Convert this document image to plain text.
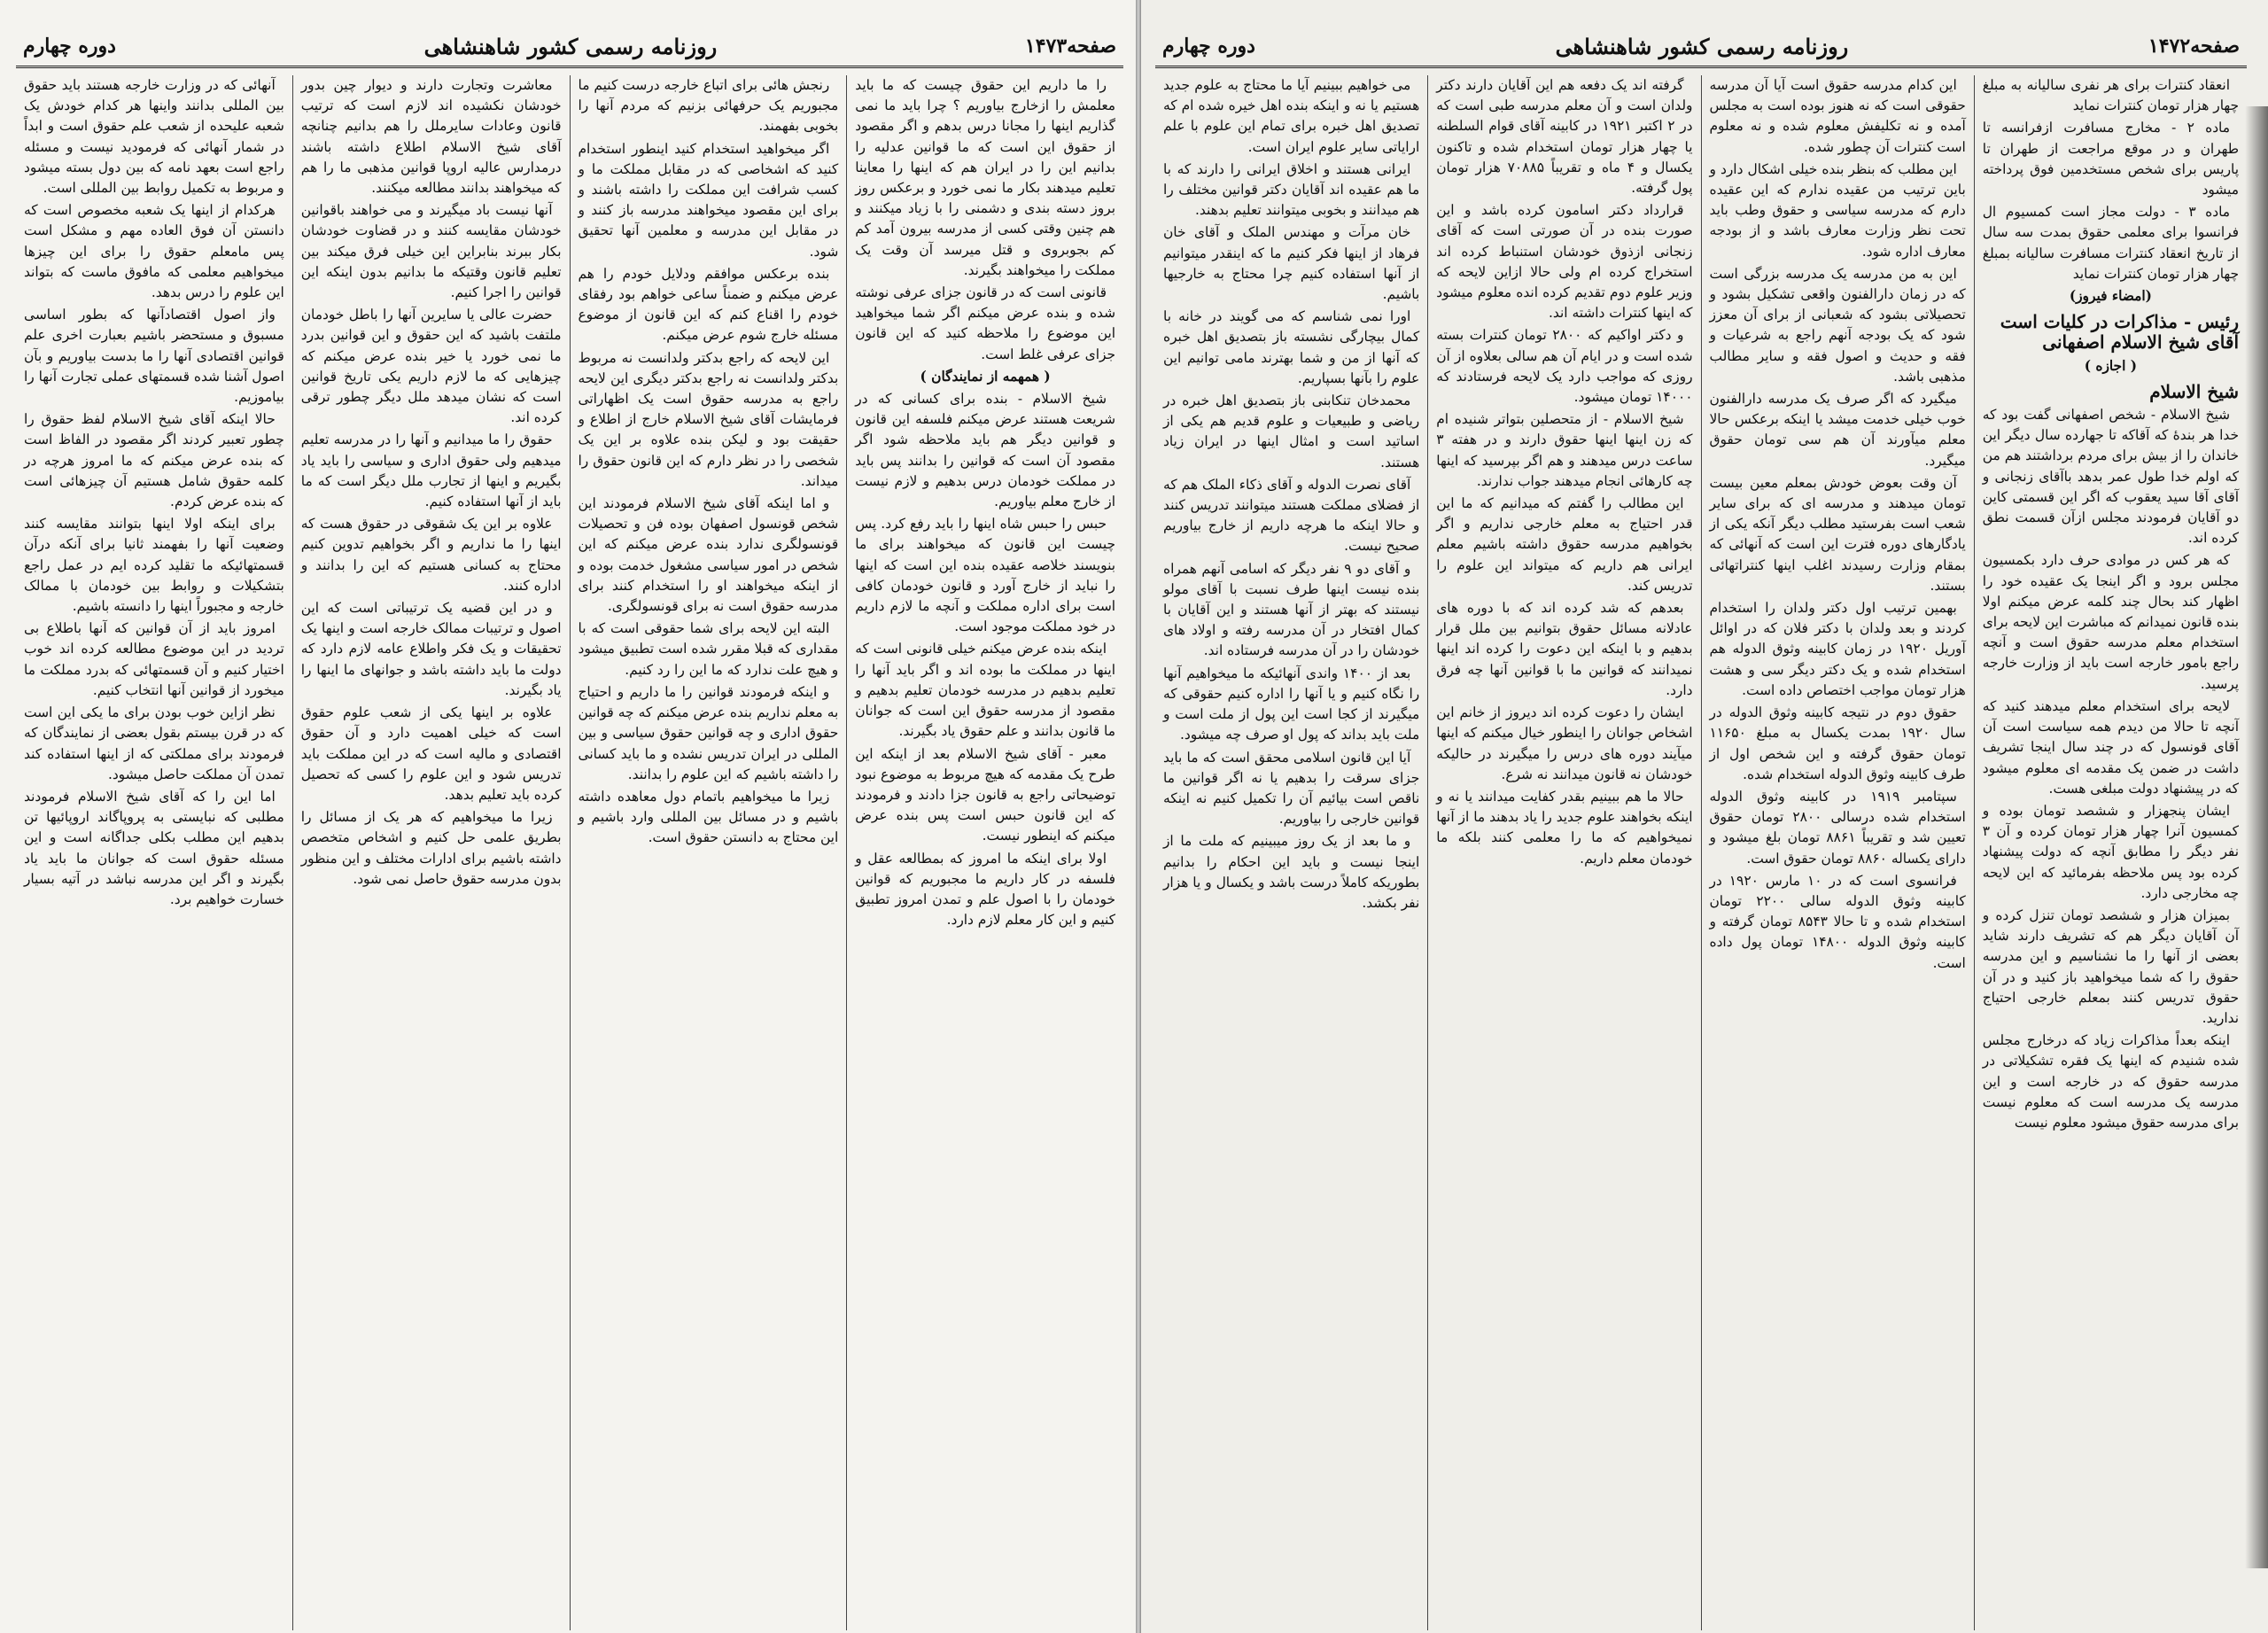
صفحه۱۴۷۳
روزنامه رسمی کشور شاهنشاهی
دوره چهارم

را ما داریم این حقوق چیست که ما باید معلمش را ازخارج بیاوریم ؟ چرا باید ما نمی گذاریم اینها را مجانا درس بدهم و اگر مقصود از حقوق این است که ما قوانین عدلیه را بدانیم این را در ایران هم که اینها را معاینا تعلیم میدهند بکار ما نمی خورد و برعکس روز بروز دسته بندی و دشمنی را با زیاد میکنند و هم چنین وقتی کسی از مدرسه بیرون آمد کم کم بجوبروی و قتل میرسد آن وقت یک مملکت را میخواهند بگیرند.

قانونی است که در قانون جزای عرفی نوشته شده و بنده عرض میکنم اگر شما میخواهید این موضوع را ملاحظه کنید که این قانون جزای عرفی غلط است.

( همهمه از نمایندگان )

شیخ الاسلام - بنده برای کسانی که در شریعت هستند عرض میکنم فلسفه این قانون و قوانین دیگر هم باید ملاحظه شود اگر مقصود آن است که قوانین را بدانند پس باید در مملکت خودمان درس بدهیم و لازم نیست از خارج معلم بیاوریم.

حبس را حبس شاه اینها را باید رفع کرد. پس چیست این قانون که میخواهند برای ما بنویسند خلاصه عقیده بنده این است که اینها را نباید از خارج آورد و قانون خودمان کافی است برای اداره مملکت و آنچه ما لازم داریم در خود مملکت موجود است.

اینکه بنده عرض میکنم خیلی قانونی است که اینها در مملکت ما بوده اند و اگر باید آنها را تعلیم بدهیم در مدرسه خودمان تعلیم بدهیم و مقصود از مدرسه حقوق این است که جوانان ما قانون بدانند و علم حقوق یاد بگیرند.

معبر - آقای شیخ الاسلام بعد از اینکه این طرح یک مقدمه که هیچ مربوط به موضوع نبود توضیحاتی راجع به قانون جزا دادند و فرمودند که این قانون حبس است پس بنده عرض میکنم که اینطور نیست.

اولا برای اینکه ما امروز که بمطالعه عقل و فلسفه در کار داریم ما مجبوریم که قوانین خودمان را با اصول علم و تمدن امروز تطبیق کنیم و این کار معلم لازم دارد.

رنجش هائی برای اتباع خارجه درست کنیم ما مجبوریم یک حرفهائی بزنیم که مردم آنها را بخوبی بفهمند.

اگر میخواهید استخدام کنید اینطور استخدام کنید که اشخاصی که در مقابل مملکت ما و کسب شرافت این مملکت را داشته باشند و برای این مقصود میخواهند مدرسه باز کنند و در مقابل این مدرسه و معلمین آنها تحقیق شود.

بنده برعکس موافقم ودلایل خودم را هم عرض میکنم و ضمناً ساعی خواهم بود رفقای خودم را اقناع کنم که این قانون از موضوع مسئله خارج شوم عرض میکنم.

این لایحه که راجع بدکتر ولدانست نه مربوط بدکتر ولدانست نه راجع بدکتر دیگری این لایحه راجع به مدرسه حقوق است یک اظهاراتی فرمایشات آقای شیخ الاسلام خارج از اطلاع و حقیقت بود و لیکن بنده علاوه بر این یک شخصی را در نظر دارم که این قانون حقوق را میداند.

و اما اینکه آقای شیخ الاسلام فرمودند این شخص قونسول اصفهان بوده فن و تحصیلات قونسولگری ندارد بنده عرض میکنم که این شخص در امور سیاسی مشغول خدمت بوده و از اینکه میخواهند او را استخدام کنند برای مدرسه حقوق است نه برای قونسولگری.

البته این لایحه برای شما حقوقی است که با مقداری که قبلا مقرر شده است تطبیق میشود و هیچ علت ندارد که ما این را رد کنیم.

و اینکه فرمودند قوانین را ما داریم و احتیاج به معلم نداریم بنده عرض میکنم که چه قوانین حقوق اداری و چه قوانین حقوق سیاسی و بین المللی در ایران تدریس نشده و ما باید کسانی را داشته باشیم که این علوم را بدانند.

زیرا ما میخواهیم باتمام دول معاهده داشته باشیم و در مسائل بین المللی وارد باشیم و این محتاج به دانستن حقوق است.

معاشرت وتجارت دارند و دیوار چین بدور خودشان نکشیده اند لازم است که ترتیب قانون وعادات سایرملل را هم بدانیم چنانچه آقای شیخ الاسلام اطلاع داشته باشند درمدارس عالیه اروپا قوانین مذهبی ما را هم که میخواهند بدانند مطالعه میکنند.

آنها نیست باد میگیرند و می خواهند باقوانین خودشان مقایسه کنند و در قضاوت خودشان بکار ببرند بنابراین این خیلی فرق میکند بین تعلیم قانون وقتیکه ما بدانیم بدون اینکه این قوانین را اجرا کنیم.

حضرت عالی یا سایرین آنها را باطل خودمان ملتفت باشید که این حقوق و این قوانین بدرد ما نمی خورد یا خیر بنده عرض میکنم که چیزهایی که ما لازم داریم یکی تاریخ قوانین است که نشان میدهد ملل دیگر چطور ترقی کرده اند.

حقوق را ما میدانیم و آنها را در مدرسه تعلیم میدهیم ولی حقوق اداری و سیاسی را باید یاد بگیریم و اینها از تجارب ملل دیگر است که ما باید از آنها استفاده کنیم.

علاوه بر این یک شقوقی در حقوق هست که اینها را ما نداریم و اگر بخواهیم تدوین کنیم محتاج به کسانی هستیم که این را بدانند و اداره کنند.

و در این قضیه یک ترتیباتی است که این اصول و ترتیبات ممالک خارجه است و اینها یک تحقیقات و یک فکر واطلاع عامه لازم دارد که دولت ما باید داشته باشد و جوانهای ما اینها را یاد بگیرند.

علاوه بر اینها یکی از شعب علوم حقوق است که خیلی اهمیت دارد و آن حقوق اقتصادی و مالیه است که در این مملکت باید تدریس شود و این علوم را کسی که تحصیل کرده باید تعلیم بدهد.

زیرا ما میخواهیم که هر یک از مسائل را بطریق علمی حل کنیم و اشخاص متخصص داشته باشیم برای ادارات مختلف و این منظور بدون مدرسه حقوق حاصل نمی شود.

آنهائی که در وزارت خارجه هستند باید حقوق بین المللی بدانند واینها هر کدام خودش یک شعبه علیحده از شعب علم حقوق است و ابداً در شمار آنهائی که فرمودید نیست و مسئله راجع است بعهد نامه که بین دول بسته میشود و مربوط به تکمیل روابط بین المللی است.

هرکدام از اینها یک شعبه مخصوص است که دانستن آن فوق العاده مهم و مشکل است پس مامعلم حقوق را برای این چیزها میخواهیم معلمی که مافوق ماست که بتواند این علوم را درس بدهد.

واز اصول اقتصادآنها که بطور اساسی مسبوق و مستحضر باشیم بعبارت اخری علم قوانین اقتصادی آنها را ما بدست بیاوریم و بآن اصول آشنا شده قسمتهای عملی تجارت آنها را بیاموزیم.

حالا اینکه آقای شیخ الاسلام لفظ حقوق را چطور تعبیر کردند اگر مقصود در الفاظ است که بنده عرض میکنم که ما امروز هرچه در کلمه حقوق شامل هستیم آن چیزهائی است که بنده عرض کردم.

برای اینکه اولا اینها بتوانند مقایسه کنند وضعیت آنها را بفهمند ثانیا برای آنکه درآن قسمتهائیکه ما تقلید کرده ایم در عمل راجع بتشکیلات و روابط بین خودمان با ممالک خارجه و مجبوراً اینها را دانسته باشیم.

امروز باید از آن قوانین که آنها باطلاع بی تردید در این موضوع مطالعه کرده اند خوب اختیار کنیم و آن قسمتهائی که بدرد مملکت ما میخورد از قوانین آنها انتخاب کنیم.

نظر ازاین خوب بودن برای ما یکی این است که در قرن بیستم بقول بعضی از نمایندگان که فرمودند برای مملکتی که از اینها استفاده کند تمدن آن مملکت حاصل میشود.

اما این را که آقای شیخ الاسلام فرمودند مطلبی که نبایستی به پروپاگاند اروپائیها تن بدهیم این مطلب بکلی جداگانه است و این مسئله حقوق است که جوانان ما باید یاد بگیرند و اگر این مدرسه نباشد در آتیه بسیار خسارت خواهیم برد.

صفحه۱۴۷۲
روزنامه رسمی کشور شاهنشاهی
دوره چهارم

انعقاد کنترات برای هر نفری سالیانه به مبلغ چهار هزار تومان کنترات نماید

ماده ۲ - مخارج مسافرت ازفرانسه تا طهران و در موقع مراجعت از طهران تا پاریس برای شخص مستخدمین فوق پرداخته میشود

ماده ۳ - دولت مجاز است کمسیوم ال فرانسوا برای معلمی حقوق بمدت سه سال از تاریخ انعقاد کنترات مسافرت سالیانه بمبلغ چهار هزار تومان کنترات نماید

(امضاء فیروز)

رئیس - مذاکرات در کلیات است آقای شیخ الاسلام اصفهانی

( اجازه )

شیخ الاسلام

شیخ الاسلام - شخص اصفهانی گفت بود که خدا هر بندهٔ که آقاکه تا جهارده سال دیگر این خاندان را از بیش برای مردم برداشتند هم من که اولم خدا طول عمر بدهد باآقای زنجانی و آقای آقا سید یعقوب که اگر این قسمتی کاین دو آقایان فرمودند مجلس ازآن قسمت نطق کرده اند.

که هر کس در موادی حرف دارد بکمسیون مجلس برود و اگر اینجا یک عقیده خود را اظهار کند بحال چند کلمه عرض میکنم اولا بنده قانون نمیدانم که مباشرت این لایحه برای استخدام معلم مدرسه حقوق است و آنچه راجع بامور خارجه است باید از وزارت خارجه پرسید.

لایحه برای استخدام معلم میدهند کنید که آنچه تا حالا من دیدم همه سیاست است آن آقای قونسول که در چند سال اینجا تشریف داشت در ضمن یک مقدمه ای معلوم میشود که در پیشنهاد دولت مبلغی هست.

ایشان پنجهزار و ششصد تومان بوده و کمسیون آنرا چهار هزار تومان کرده و آن ۳ نفر دیگر را مطابق آنچه که دولت پیشنهاد کرده بود پس ملاحظه بفرمائید که این لایحه چه مخارجی دارد.

بمیزان هزار و ششصد تومان تنزل کرده و آن آقایان دیگر هم که تشریف دارند شاید بعضی از آنها را ما نشناسیم و این مدرسه حقوق را که شما میخواهید باز کنید و در آن حقوق تدریس کنند بمعلم خارجی احتیاج ندارید.

اینکه بعداً مذاکرات زیاد که درخارج مجلس شده شنیدم که اینها یک فقره تشکیلاتی در مدرسه حقوق که در خارجه است و این مدرسه یک مدرسه است که معلوم نیست برای مدرسه حقوق میشود معلوم نیست

این کدام مدرسه حقوق است آیا آن مدرسه حقوقی است که نه هنوز بوده است به مجلس آمده و نه تکلیفش معلوم شده و نه معلوم است کنترات آن چطور شده.

این مطلب که بنظر بنده خیلی اشکال دارد و باین ترتیب من عقیده ندارم که این عقیده دارم که مدرسه سیاسی و حقوق وطب باید تحت نظر وزارت معارف باشد و از بودجه معارف اداره شود.

این به من مدرسه یک مدرسه بزرگی است که در زمان دارالفنون واقعی تشکیل بشود و تحصیلاتی بشود که شعبانی از برای آن معزز شود که یک بودجه آنهم راجع به شرعیات و فقه و حدیث و اصول فقه و سایر مطالب مذهبی باشد.

میگیرد که اگر صرف یک مدرسه دارالفنون خوب خیلی خدمت میشد یا اینکه برعکس حالا معلم میآورند آن هم سی تومان حقوق میگیرد.

آن وقت بعوض خودش بمعلم معین بیست تومان میدهند و مدرسه ای که برای سایر شعب است بفرستید مطلب دیگر آنکه یکی از یادگارهای دوره فترت این است که آنهائی که بمقام وزارت رسیدند اغلب اینها کنتراتهائی بستند.

بهمین ترتیب اول دکتر ولدان را استخدام کردند و بعد ولدان با دکتر فلان که در اوائل آوریل ۱۹۲۰ در زمان کابینه وثوق الدوله هم استخدام شده و یک دکتر دیگر سی و هشت هزار تومان مواجب اختصاص داده است.

حقوق دوم در نتیجه کابینه وثوق الدوله در سال ۱۹۲۰ بمدت یکسال به مبلغ ۱۱۶۵۰ تومان حقوق گرفته و این شخص اول از طرف کابینه وثوق الدوله استخدام شده.

سپتامبر ۱۹۱۹ در کابینه وثوق الدوله استخدام شده درسالی ۲۸۰۰ تومان حقوق تعیین شد و تقریباً ۸۸۶۱ تومان بلغ میشود و دارای یکساله ۸۸۶۰ تومان حقوق است.

فرانسوی است که در ۱۰ مارس ۱۹۲۰ در کابینه وثوق الدوله سالی ۲۲۰۰ تومان استخدام شده و تا حالا ۸۵۴۳ تومان گرفته و کابینه وثوق الدوله ۱۴۸۰۰ تومان پول داده است.

گرفته اند یک دفعه هم این آقایان دارند دکتر ولدان است و آن معلم مدرسه طبی است که در ۲ اکتبر ۱۹۲۱ در کابینه آقای قوام السلطنه یا چهار هزار تومان استخدام شده و تاکنون یکسال و ۴ ماه و تقریباً ۷۰۸۸۵ هزار تومان پول گرفته.

قرارداد دکتر اسامون کرده باشد و این صورت بنده در آن صورتی است که آقای زنجانی ازذوق خودشان استنباط کرده اند استخراج کرده ام ولی حالا ازاین لایحه که وزیر علوم دوم تقدیم کرده انده معلوم میشود که اینها کنترات داشته اند.

و دکتر اواکیم که ۲۸۰۰ تومان کنترات بسته شده است و در ایام آن هم سالی بعلاوه از آن روزی که مواجب دارد یک لایحه فرستادند که ۱۴۰۰۰ تومان میشود.

شیخ الاسلام - از متحصلین بتواتر شنیده ام که زن اینها اینها حقوق دارند و در هفته ۳ ساعت درس میدهند و هم اگر بپرسید که اینها چه کارهائی انجام میدهند جواب ندارند.

این مطالب را گفتم که میدانیم که ما این قدر احتیاج به معلم خارجی نداریم و اگر بخواهیم مدرسه حقوق داشته باشیم معلم ایرانی هم داریم که میتواند این علوم را تدریس کند.

بعدهم که شد کرده اند که با دوره های عادلانه مسائل حقوق بتوانیم بین ملل قرار بدهیم و با اینکه این دعوت را کرده اند اینها نمیدانند که قوانین ما با قوانین آنها چه فرق دارد.

ایشان را دعوت کرده اند دیروز از خانم این اشخاص جوانان را اینطور خیال میکنم که اینها میآیند دوره های درس را میگیرند در حالیکه خودشان نه قانون میدانند نه شرع.

حالا ما هم ببینیم بقدر کفایت میدانند یا نه و اینکه بخواهند علوم جدید را یاد بدهند ما از آنها نمیخواهیم که ما را معلمی کنند بلکه ما خودمان معلم داریم.

می خواهیم ببینیم آیا ما محتاج به علوم جدید هستیم یا نه و اینکه بنده اهل خیره شده ام که تصدیق اهل خبره برای تمام این علوم با علم ارایاتی سایر علوم ایران است.

ایرانی هستند و اخلاق ایرانی را دارند که با ما هم عقیده اند آقایان دکتر قوانین مختلف را هم میدانند و بخوبی میتوانند تعلیم بدهند.

خان مرآت و مهندس الملک و آقای خان فرهاد از اینها فکر کنیم ما که اینقدر میتوانیم از آنها استفاده کنیم چرا محتاج به خارجیها باشیم.

اورا نمی شناسم که می گویند در خانه با کمال بیچارگی نشسته باز بتصدیق اهل خبره که آنها از من و شما بهترند مامی توانیم این علوم را بآنها بسپاریم.

محمدخان تنکابنی باز بتصدیق اهل خبره در ریاضی و طبیعیات و علوم قدیم هم یکی از اساتید است و امثال اینها در ایران زیاد هستند.

آقای نصرت الدوله و آقای ذکاء الملک هم که از فضلای مملکت هستند میتوانند تدریس کنند و حالا اینکه ما هرچه داریم از خارج بیاوریم صحیح نیست.

و آقای دو ۹ نفر دیگر که اسامی آنهم همراه بنده نیست اینها طرف نسبت با آقای مولو نیستند که بهتر از آنها هستند و این آقایان با کمال افتخار در آن مدرسه رفته و اولاد های خودشان را در آن مدرسه فرستاده اند.

بعد از ۱۴۰۰ واندی آنهائیکه ما میخواهیم آنها را نگاه کنیم و یا آنها را اداره کنیم حقوقی که میگیرند از کجا است این پول از ملت است و ملت باید بداند که پول او صرف چه میشود.

آیا این قانون اسلامی محقق است که ما باید جزای سرقت را بدهیم یا نه اگر قوانین ما ناقص است بیائیم آن را تکمیل کنیم نه اینکه قوانین خارجی را بیاوریم.

و ما بعد از یک روز میبینیم که ملت ما از اینجا نیست و باید این احکام را بدانیم بطوریکه کاملاً درست باشد و یکسال و یا هزار نفر بکشد.
